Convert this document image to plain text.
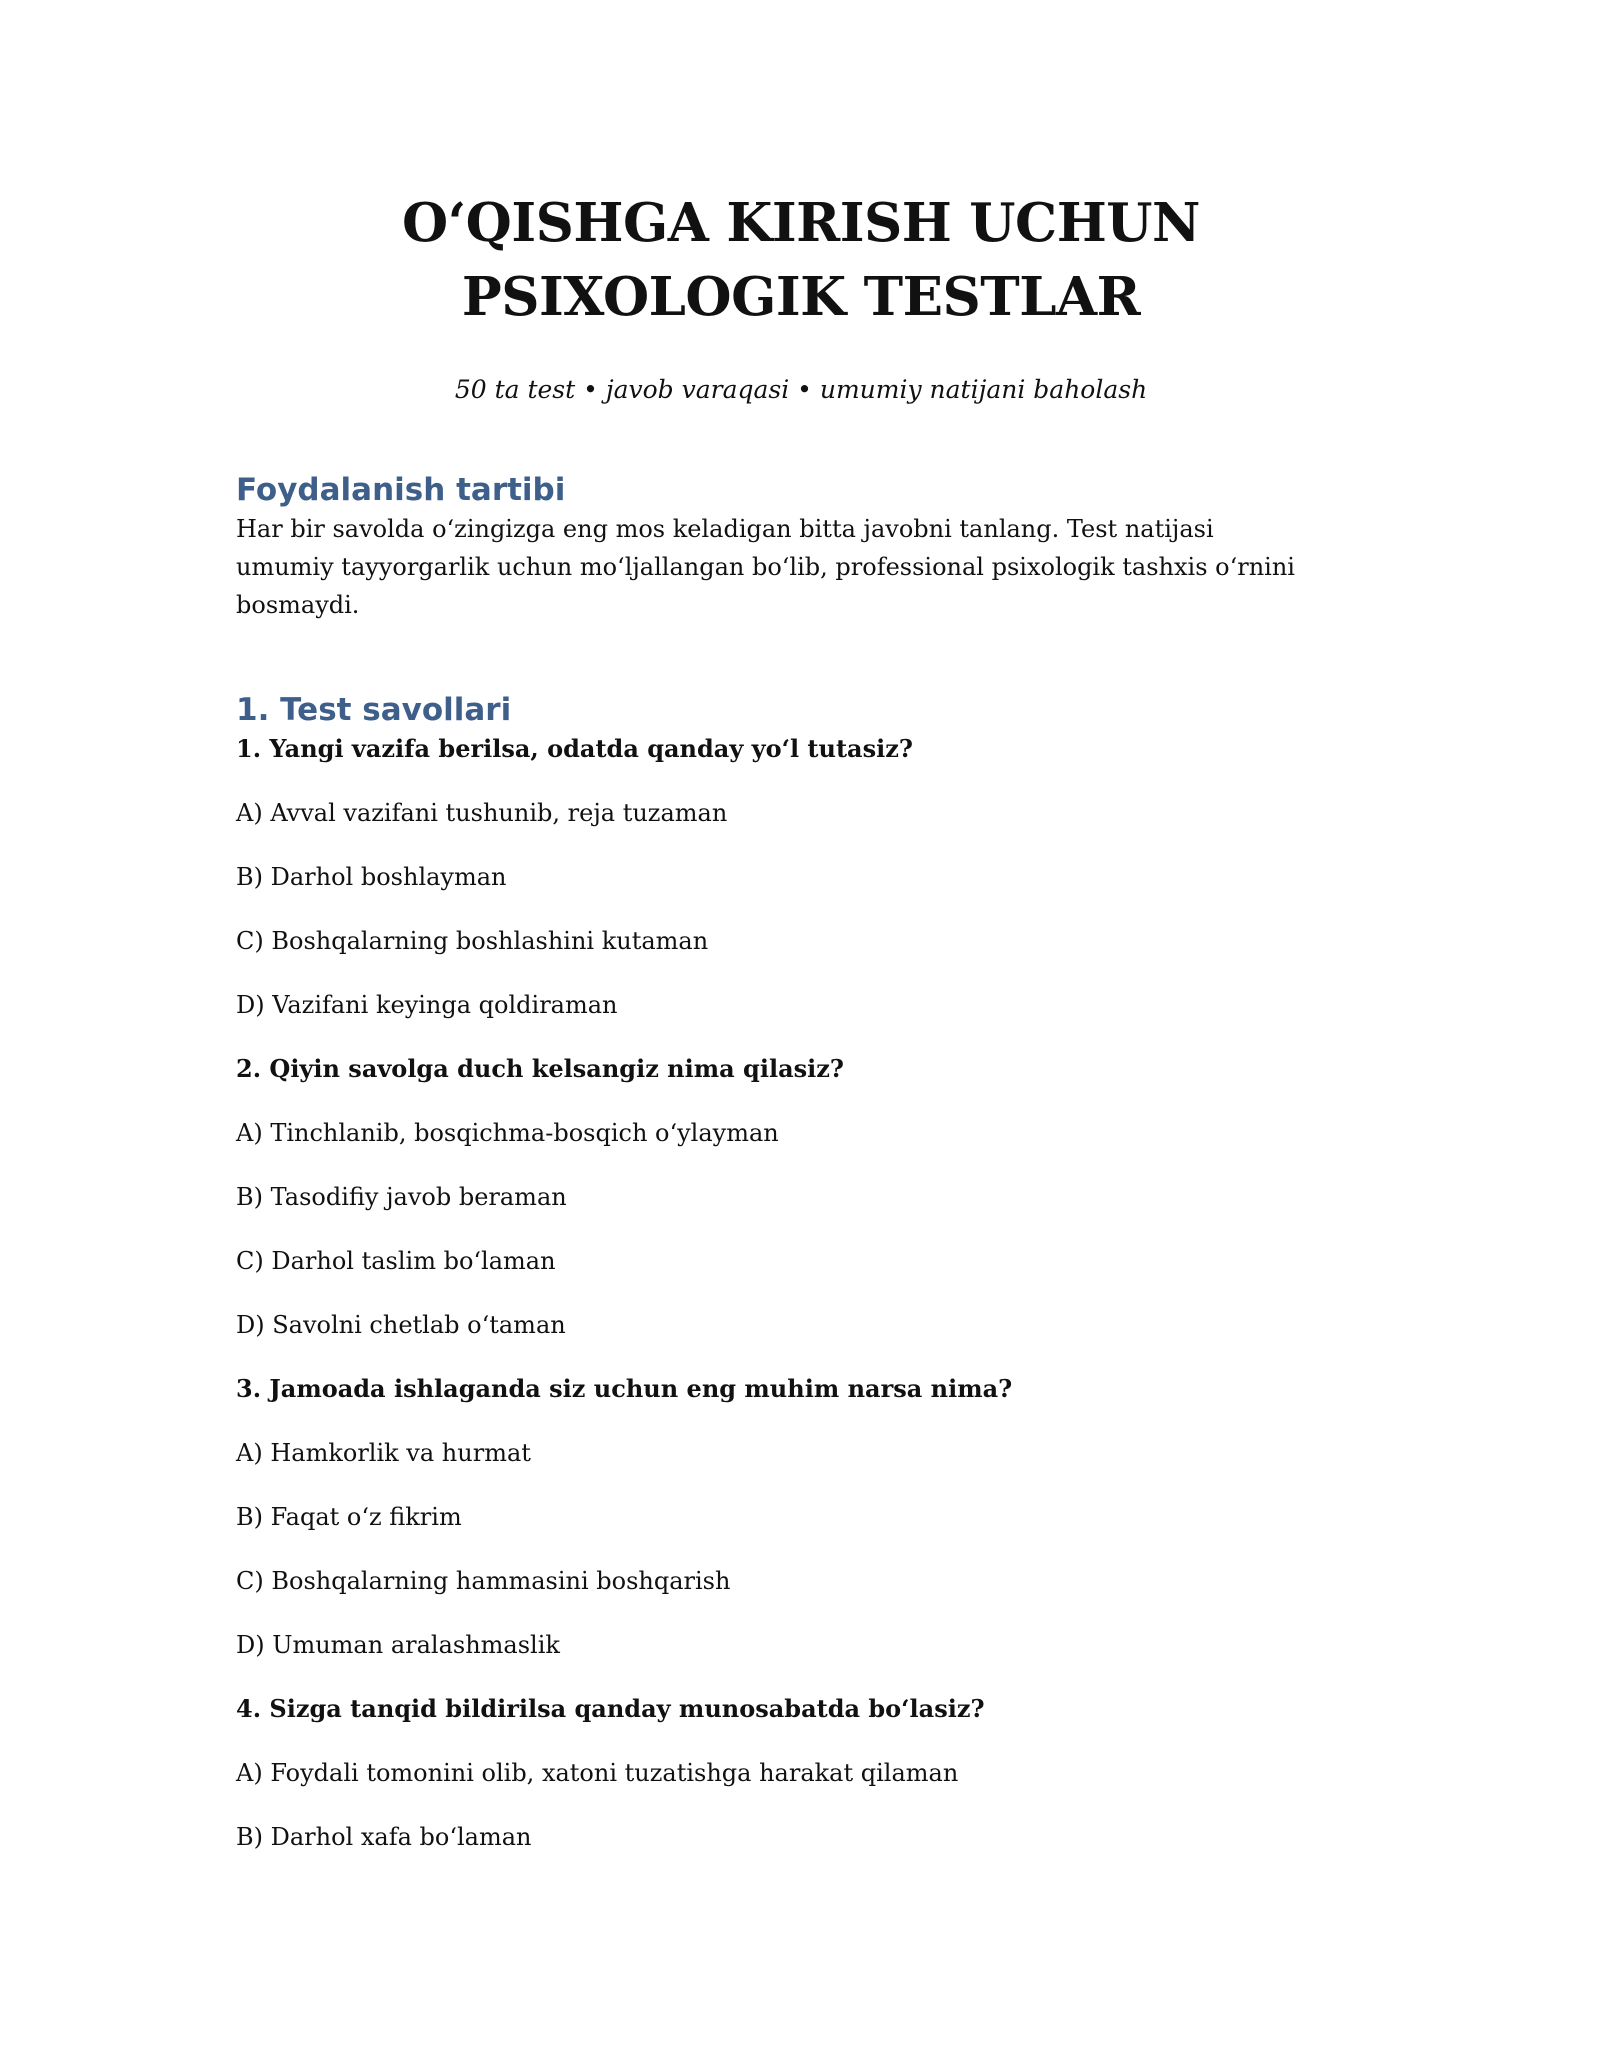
O‘QISHGA KIRISH UCHUN
PSIXOLOGIK TESTLAR

50 ta test • javob varaqasi • umumiy natijani baholash

Foydalanish tartibi

Har bir savolda o‘zingizga eng mos keladigan bitta javobni tanlang. Test natijasi umumiy tayyorgarlik uchun mo‘ljallangan bo‘lib, professional psixologik tashxis o‘rnini bosmaydi.

1. Test savollari

1. Yangi vazifa berilsa, odatda qanday yo‘l tutasiz?

A) Avval vazifani tushunib, reja tuzaman

B) Darhol boshlayman

C) Boshqalarning boshlashini kutaman

D) Vazifani keyinga qoldiraman

2. Qiyin savolga duch kelsangiz nima qilasiz?

A) Tinchlanib, bosqichma-bosqich o‘ylayman

B) Tasodifiy javob beraman

C) Darhol taslim bo‘laman

D) Savolni chetlab o‘taman

3. Jamoada ishlaganda siz uchun eng muhim narsa nima?

A) Hamkorlik va hurmat

B) Faqat o‘z fikrim

C) Boshqalarning hammasini boshqarish

D) Umuman aralashmaslik

4. Sizga tanqid bildirilsa qanday munosabatda bo‘lasiz?

A) Foydali tomonini olib, xatoni tuzatishga harakat qilaman

B) Darhol xafa bo‘laman
